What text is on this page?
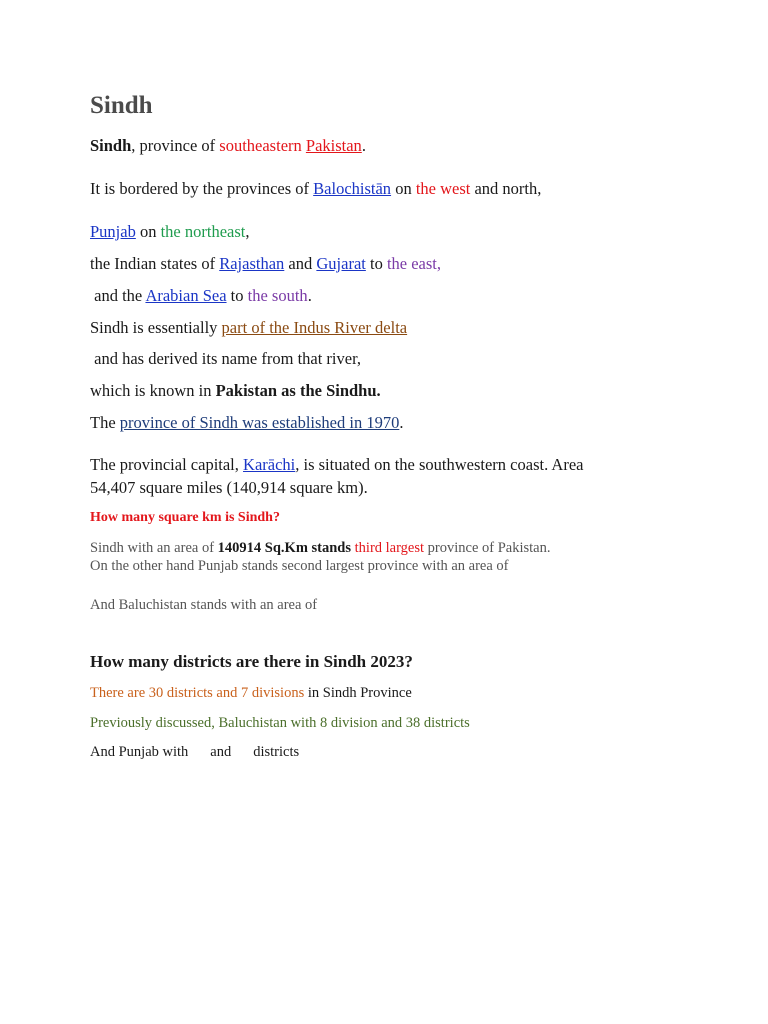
Sindh
Sindh, province of southeastern Pakistan.
It is bordered by the provinces of Balochistān on the west and north,
Punjab on the northeast,
the Indian states of Rajasthan and Gujarat to the east,
and the Arabian Sea to the south.
Sindh is essentially part of the Indus River delta
and has derived its name from that river,
which is known in Pakistan as the Sindhu.
The province of Sindh was established in 1970.
The provincial capital, Karāchi, is situated on the southwestern coast. Area
54,407 square miles (140,914 square km).
How many square km is Sindh?
Sindh with an area of 140914 Sq.Km stands third largest province of Pakistan.
On the other hand Punjab stands second largest province with an area of
And Baluchistan stands with an area of
How many districts are there in Sindh 2023?
There are 30 districts and 7 divisions in Sindh Province
Previously discussed, Baluchistan with 8 division and 38 districts
And Punjab with and districts
